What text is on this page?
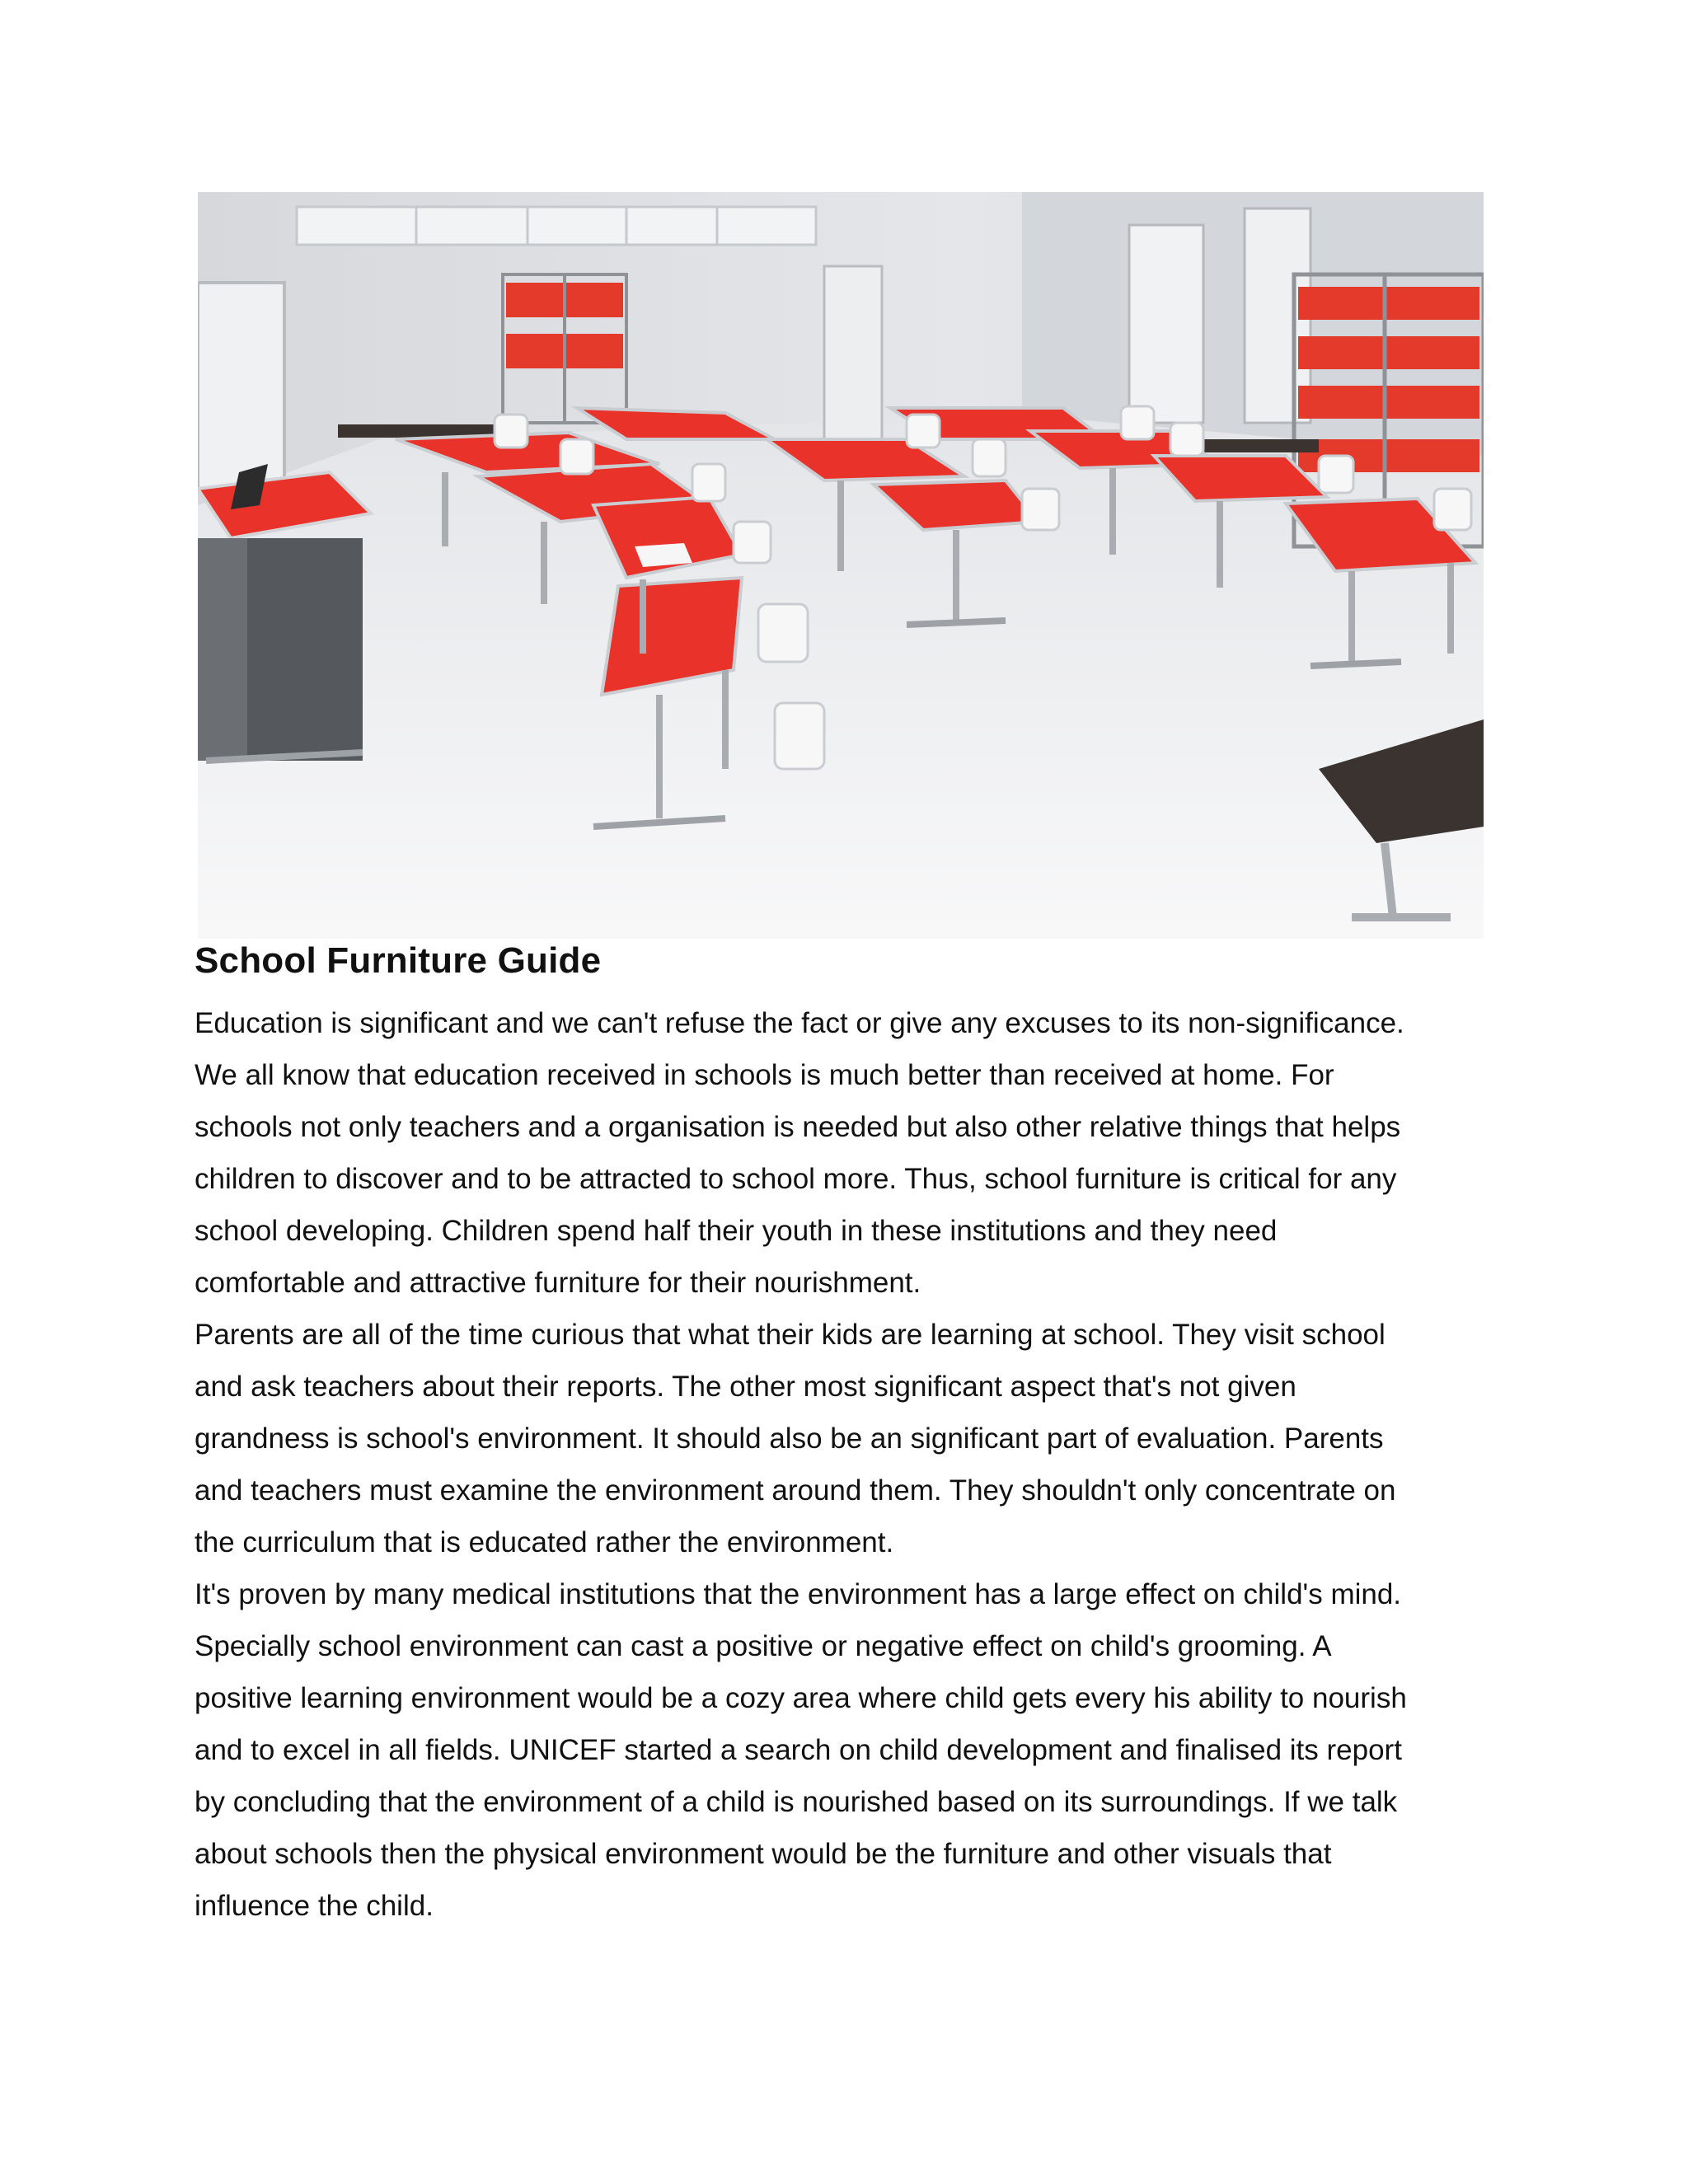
School Furniture Guide
Education is significant and we can't refuse the fact or give any excuses to its non-significance.
We all know that education received in schools is much better than received at home. For
schools not only teachers and a organisation is needed but also other relative things that helps
children to discover and to be attracted to school more. Thus, school furniture is critical for any
school developing. Children spend half their youth in these institutions and they need
comfortable and attractive furniture for their nourishment.
Parents are all of the time curious that what their kids are learning at school. They visit school
and ask teachers about their reports. The other most significant aspect that's not given
grandness is school's environment. It should also be an significant part of evaluation. Parents
and teachers must examine the environment around them. They shouldn't only concentrate on
the curriculum that is educated rather the environment.
It's proven by many medical institutions that the environment has a large effect on child's mind.
Specially school environment can cast a positive or negative effect on child's grooming. A
positive learning environment would be a cozy area where child gets every his ability to nourish
and to excel in all fields. UNICEF started a search on child development and finalised its report
by concluding that the environment of a child is nourished based on its surroundings. If we talk
about schools then the physical environment would be the furniture and other visuals that
influence the child.
